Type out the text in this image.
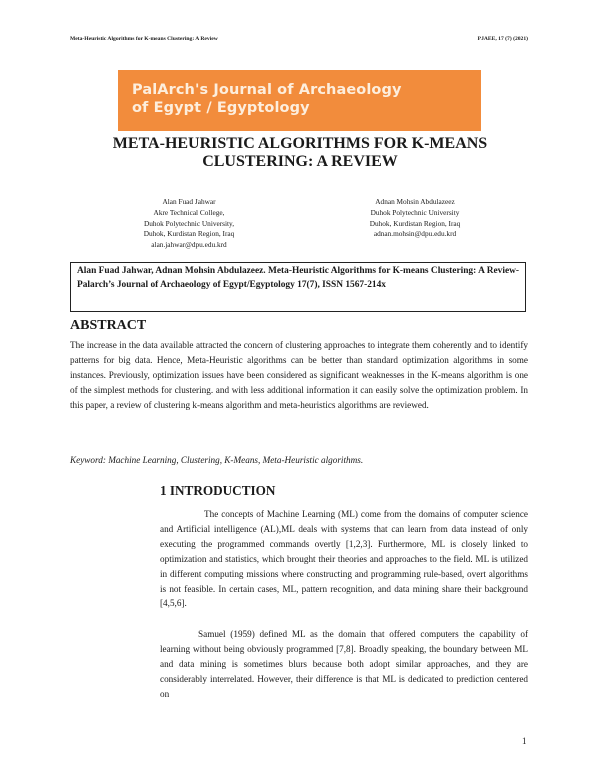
Meta-Heuristic Algorithms for K-means Clustering: A Review	PJAEE, 17 (7) (2021)
PalArch's Journal of Archaeology
of Egypt / Egyptology
META-HEURISTIC ALGORITHMS FOR K-MEANS
CLUSTERING: A REVIEW
Alan Fuad Jahwar
Akre Technical College,
Duhok Polytechnic University,
Duhok, Kurdistan Region, Iraq
alan.jahwar@dpu.edu.krd
Adnan Mohsin Abdulazeez
Duhok Polytechnic University
Duhok, Kurdistan Region, Iraq
adnan.mohsin@dpu.edu.krd
Alan Fuad Jahwar, Adnan Mohsin Abdulazeez. Meta-Heuristic Algorithms for K-means Clustering: A Review-Palarch’s Journal of Archaeology of Egypt/Egyptology 17(7), ISSN 1567-214x
ABSTRACT
The increase in the data available attracted the concern of clustering approaches to integrate them coherently and to identify patterns for big data. Hence, Meta-Heuristic algorithms can be better than standard optimization algorithms in some instances. Previously, optimization issues have been considered as significant weaknesses in the K-means algorithm is one of the simplest methods for clustering. and with less additional information it can easily solve the optimization problem. In this paper, a review of clustering k-means algorithm and meta-heuristics algorithms are reviewed.
Keyword: Machine Learning, Clustering, K-Means, Meta-Heuristic algorithms.
1 INTRODUCTION
The concepts of Machine Learning (ML) come from the domains of computer science and Artificial intelligence (AL),ML deals with systems that can learn from data instead of only executing the programmed commands overtly [1,2,3]. Furthermore, ML is closely linked to optimization and statistics, which brought their theories and approaches to the field. ML is utilized in different computing missions where constructing and programming rule-based, overt algorithms is not feasible. In certain cases, ML, pattern recognition, and data mining share their background [4,5,6].
Samuel (1959) defined ML as the domain that offered computers the capability of learning without being obviously programmed [7,8]. Broadly speaking, the boundary between ML and data mining is sometimes blurs because both adopt similar approaches, and they are considerably interrelated. However, their difference is that ML is dedicated to prediction centered on
1
